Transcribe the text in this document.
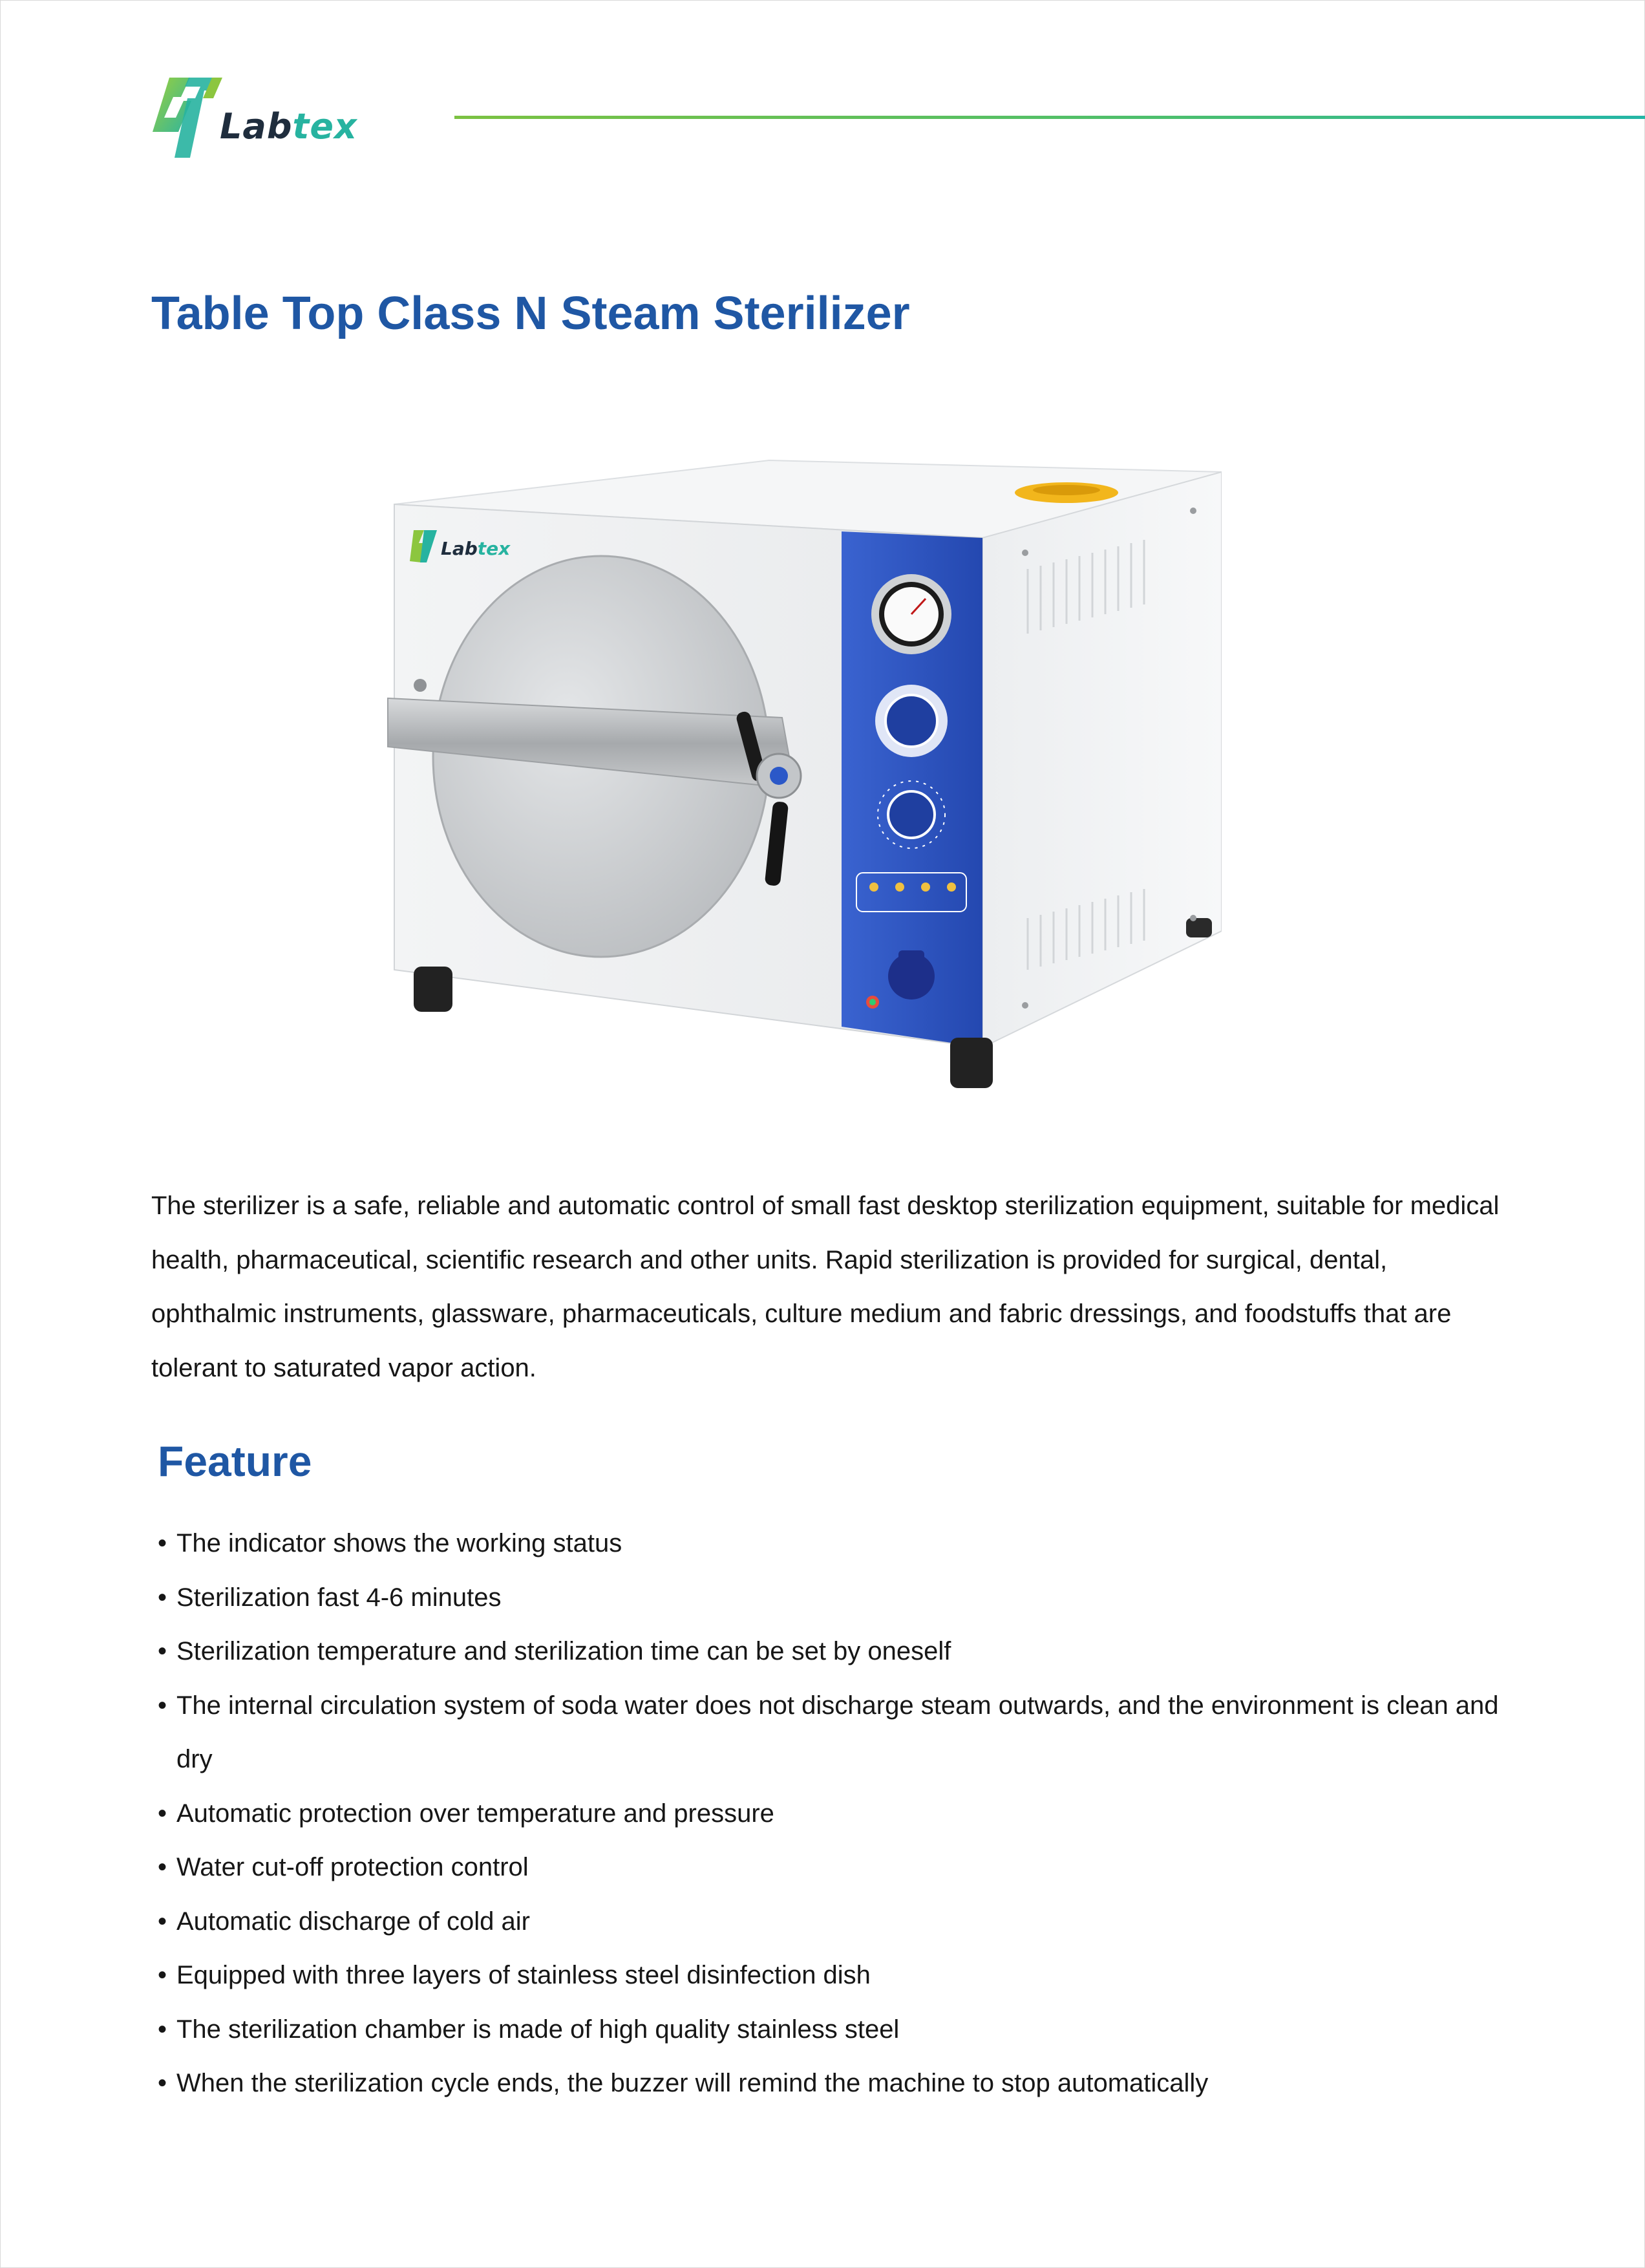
Labtex
Table Top Class N Steam Sterilizer
Labtex

The sterilizer is a safe, reliable and automatic control of small fast desktop sterilization equipment, suitable for medical health, pharmaceutical, scientific research and other units. Rapid sterilization is provided for surgical, dental, ophthalmic instruments, glassware, pharmaceuticals, culture medium and fabric dressings, and foodstuffs that are tolerant to saturated vapor action.

Feature
• The indicator shows the working status
• Sterilization fast 4-6 minutes
• Sterilization temperature and sterilization time can be set by oneself
• The internal circulation system of soda water does not discharge steam outwards, and the environment is clean and dry
• Automatic protection over temperature and pressure
• Water cut-off protection control
• Automatic discharge of cold air
• Equipped with three layers of stainless steel disinfection dish
• The sterilization chamber is made of high quality stainless steel
• When the sterilization cycle ends, the buzzer will remind the machine to stop automatically
